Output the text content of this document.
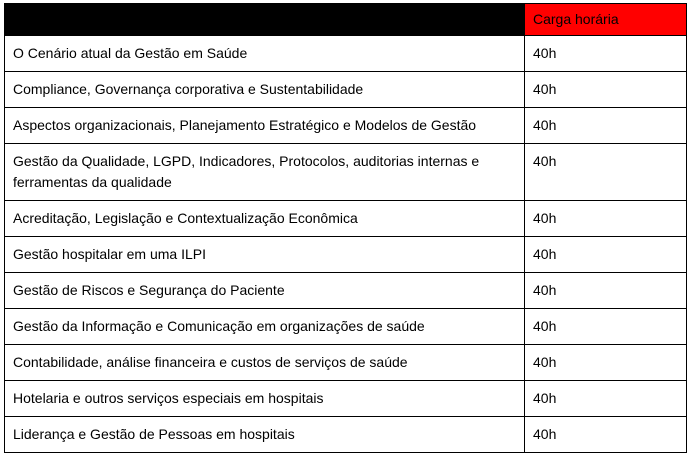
Disciplina	Carga horária
O Cenário atual da Gestão em Saúde	40h
Compliance, Governança corporativa e Sustentabilidade	40h
Aspectos organizacionais, Planejamento Estratégico e Modelos de Gestão	40h
Gestão da Qualidade, LGPD, Indicadores, Protocolos, auditorias internas e ferramentas da qualidade	40h
Acreditação, Legislação e Contextualização Econômica	40h
Gestão hospitalar em uma ILPI	40h
Gestão de Riscos e Segurança do Paciente	40h
Gestão da Informação e Comunicação em organizações de saúde	40h
Contabilidade, análise financeira e custos de serviços de saúde	40h
Hotelaria e outros serviços especiais em hospitais	40h
Liderança e Gestão de Pessoas em hospitais	40h
